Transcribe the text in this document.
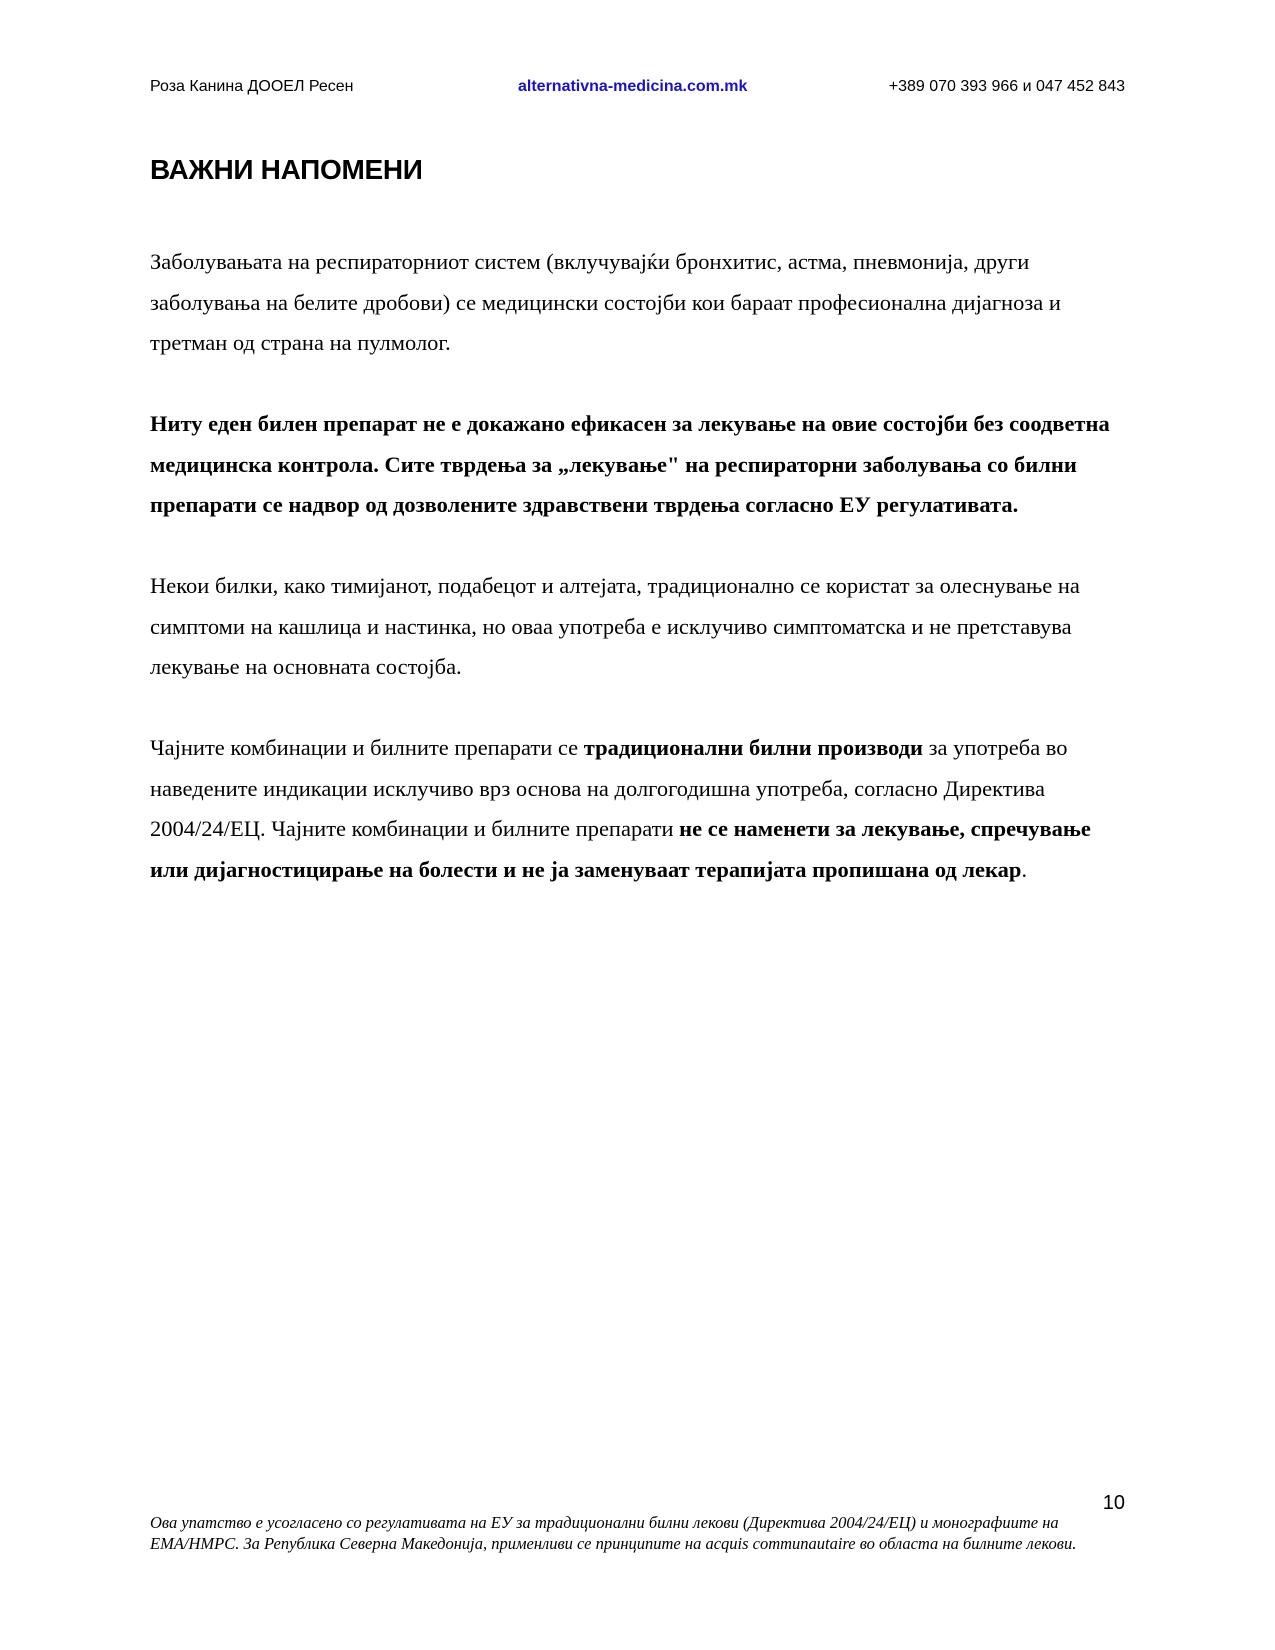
Роза Канина ДООЕЛ Ресен	alternativna-medicina.com.mk	+389 070 393 966 и 047 452 843
ВАЖНИ НАПОМЕНИ

Заболувањата на респираторниот систем (вклучувајќи бронхитис, астма, пневмонија, други заболувања на белите дробови) се медицински состојби кои бараат професионална дијагноза и третман од страна на пулмолог.

Ниту еден билен препарат не е докажано ефикасен за лекување на овие состојби без соодветна медицинска контрола. Сите тврдења за „лекување" на респираторни заболувања со билни препарати се надвор од дозволените здравствени тврдења согласно ЕУ регулативата.

Некои билки, како тимијанот, подабецот и алтејата, традиционално се користат за олеснување на симптоми на кашлица и настинка, но оваа употреба е исклучиво симптоматска и не претставува лекување на основната состојба.

Чајните комбинации и билните препарати се традиционални билни производи за употреба во наведените индикации исклучиво врз основа на долгогодишна употреба, согласно Директива 2004/24/ЕЦ. Чајните комбинации и билните препарати не се наменети за лекување, спречување или дијагностицирање на болести и не ја заменуваат терапијата пропишана од лекар.

10
Ова упатство е усогласено со регулативата на ЕУ за традиционални билни лекови (Директива 2004/24/ЕЦ) и монографиите на ЕМА/HMPC. За Република Северна Македонија, применливи се принципите на acquis communautaire во областа на билните лекови.
